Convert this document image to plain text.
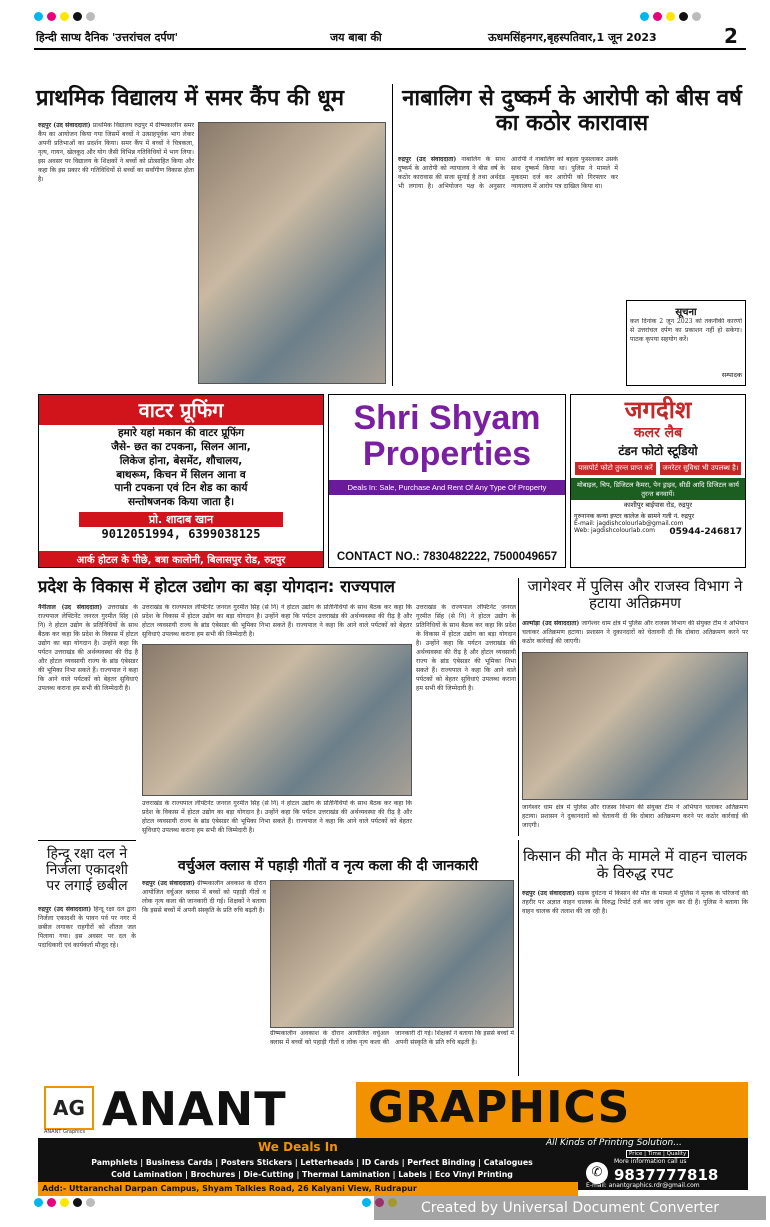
हिन्दी साप्ध दैनिक 'उत्तरांचल दर्पण'	जय बाबा की	ऊधमसिंहनगर,बृहस्पतिवार,1 जून 2023	2
प्राथमिक विद्यालय में समर कैंप की धूम
रुद्रपुर (उद संवाददाता) प्राथमिक विद्यालय रुद्रपुर में ग्रीष्मकालीन समर कैंप का आयोजन किया गया जिसमें बच्चों ने उत्साहपूर्वक भाग लेकर अपनी प्रतिभाओं का प्रदर्शन किया। समर कैंप में बच्चों ने चित्रकला, नृत्य, गायन, खेलकूद और योग जैसी विभिन्न गतिविधियों में भाग लिया। इस अवसर पर विद्यालय के शिक्षकों ने बच्चों को प्रोत्साहित किया और कहा कि इस प्रकार की गतिविधियों से बच्चों का सर्वांगीण विकास होता है।
नाबालिग से दुष्कर्म के आरोपी को बीस वर्ष का कठोर कारावास
रुद्रपुर (उद संवाददाता) नाबालिग के साथ दुष्कर्म के आरोपी को न्यायालय ने बीस वर्ष के कठोर कारावास की सजा सुनाई है तथा अर्थदंड भी लगाया है। अभियोजन पक्ष के अनुसार आरोपी ने नाबालिग को बहला फुसलाकर उसके साथ दुष्कर्म किया था। पुलिस ने मामले में मुकदमा दर्ज कर आरोपी को गिरफ्तार कर न्यायालय में आरोप पत्र दाखिल किया था।
सूचना
कल दिनांक 2 जून 2023 को तकनीकी कारणों से उत्तरांचल दर्पण का प्रकाशन नहीं हो सकेगा। पाठक कृपया सहयोग करें।
सम्पादक
वाटर प्रूफिंग
हमारे यहां मकान की वाटर प्रूफिंग
जैसे- छत का टपकना, सिलन आना,
लिकेज होना, बेसमेंट, शौचालय,
बाथरूम, किचन में सिलन आना व
पानी टपकना एवं टिन शेड का कार्य
सन्तोषजनक किया जाता है।
प्रो. शादाब खान
9012051994, 6399038125
आर्क होटल के पीछे, बत्रा कालोनी, बिलासपुर रोड, रुद्रपुर
Shri Shyam
Properties
Deals In: Sale, Purchase And Rent Of Any Type Of Property
CONTACT NO.: 7830482222, 7500049657
जगदीश
कलर लैब
टंडन फोटो स्टूडियो
पासपोर्ट फोटो तुरन्त प्राप्त करें	जनरेटर सुविधा भी उपलब्ध है।
मोबाइल, चिप, डिजिटल कैमरा, पेन ड्राइव, सीडी आदि डिजिटल कार्य तुरन्त बनवायें।
काशीपुर बाईपास रोड, रुद्रपुर
गुरुनानक कन्या इण्टर कालेज के सामने गली नं. रुद्रपुर
E-mail: jagdishcolourlab@gmail.com
Web: jagdishcolourlab.com 05944-246817
प्रदेश के विकास में होटल उद्योग का बड़ा योगदान: राज्यपाल
नैनीताल (उद संवाददाता) उत्तराखंड के राज्यपाल लेफ्टिनेंट जनरल गुरमीत सिंह (से नि) ने होटल उद्योग के प्रतिनिधियों के साथ बैठक कर कहा कि प्रदेश के विकास में होटल उद्योग का बड़ा योगदान है। उन्होंने कहा कि पर्यटन उत्तराखंड की अर्थव्यवस्था की रीढ़ है और होटल व्यवसायी राज्य के ब्रांड एंबेसडर की भूमिका निभा सकते हैं। राज्यपाल ने कहा कि आने वाले पर्यटकों को बेहतर सुविधाएं उपलब्ध कराना हम सभी की जिम्मेदारी है।
उत्तराखंड के राज्यपाल लेफ्टिनेंट जनरल गुरमीत सिंह (से नि) ने होटल उद्योग के प्रतिनिधियों के साथ बैठक कर कहा कि प्रदेश के विकास में होटल उद्योग का बड़ा योगदान है। उन्होंने कहा कि पर्यटन उत्तराखंड की अर्थव्यवस्था की रीढ़ है और होटल व्यवसायी राज्य के ब्रांड एंबेसडर की भूमिका निभा सकते हैं। राज्यपाल ने कहा कि आने वाले पर्यटकों को बेहतर सुविधाएं उपलब्ध कराना हम सभी की जिम्मेदारी है।
उत्तराखंड के राज्यपाल लेफ्टिनेंट जनरल गुरमीत सिंह (से नि) ने होटल उद्योग के प्रतिनिधियों के साथ बैठक कर कहा कि प्रदेश के विकास में होटल उद्योग का बड़ा योगदान है। उन्होंने कहा कि पर्यटन उत्तराखंड की अर्थव्यवस्था की रीढ़ है और होटल व्यवसायी राज्य के ब्रांड एंबेसडर की भूमिका निभा सकते हैं। राज्यपाल ने कहा कि आने वाले पर्यटकों को बेहतर सुविधाएं उपलब्ध कराना हम सभी की जिम्मेदारी है।
उत्तराखंड के राज्यपाल लेफ्टिनेंट जनरल गुरमीत सिंह (से नि) ने होटल उद्योग के प्रतिनिधियों के साथ बैठक कर कहा कि प्रदेश के विकास में होटल उद्योग का बड़ा योगदान है। उन्होंने कहा कि पर्यटन उत्तराखंड की अर्थव्यवस्था की रीढ़ है और होटल व्यवसायी राज्य के ब्रांड एंबेसडर की भूमिका निभा सकते हैं। राज्यपाल ने कहा कि आने वाले पर्यटकों को बेहतर सुविधाएं उपलब्ध कराना हम सभी की जिम्मेदारी है।
जागेश्वर में पुलिस और राजस्व विभाग ने हटाया अतिक्रमण
अल्मोड़ा (उद संवाददाता) जागेश्वर धाम क्षेत्र में पुलिस और राजस्व विभाग की संयुक्त टीम ने अभियान चलाकर अतिक्रमण हटाया। प्रशासन ने दुकानदारों को चेतावनी दी कि दोबारा अतिक्रमण करने पर कठोर कार्रवाई की जाएगी।
जागेश्वर धाम क्षेत्र में पुलिस और राजस्व विभाग की संयुक्त टीम ने अभियान चलाकर अतिक्रमण हटाया। प्रशासन ने दुकानदारों को चेतावनी दी कि दोबारा अतिक्रमण करने पर कठोर कार्रवाई की जाएगी।
हिन्दू रक्षा दल ने निर्जला एकादशी पर लगाई छबील
रुद्रपुर (उद संवाददाता) हिन्दू रक्षा दल द्वारा निर्जला एकादशी के पावन पर्व पर नगर में छबील लगाकर राहगीरों को शीतल जल पिलाया गया। इस अवसर पर दल के पदाधिकारी एवं कार्यकर्ता मौजूद रहे।
वर्चुअल क्लास में पहाड़ी गीतों व नृत्य कला की दी जानकारी
रुद्रपुर (उद संवाददाता) ग्रीष्मकालीन अवकाश के दौरान आयोजित वर्चुअल क्लास में बच्चों को पहाड़ी गीतों व लोक नृत्य कला की जानकारी दी गई। शिक्षकों ने बताया कि इससे बच्चों में अपनी संस्कृति के प्रति रुचि बढ़ती है।
ग्रीष्मकालीन अवकाश के दौरान आयोजित वर्चुअल क्लास में बच्चों को पहाड़ी गीतों व लोक नृत्य कला की जानकारी दी गई। शिक्षकों ने बताया कि इससे बच्चों में अपनी संस्कृति के प्रति रुचि बढ़ती है।
किसान की मौत के मामले में वाहन चालक के विरुद्ध रपट
रुद्रपुर (उद संवाददाता) सड़क दुर्घटना में किसान की मौत के मामले में पुलिस ने मृतक के परिजनों की तहरीर पर अज्ञात वाहन चालक के विरुद्ध रिपोर्ट दर्ज कर जांच शुरू कर दी है। पुलिस ने बताया कि वाहन चालक की तलाश की जा रही है।
AG
ANANT Graphics ANANT GRAPHICS
We Deals In	All Kinds of Printing Solution...
Price | Time | Quality
Pamphlets | Business Cards | Posters Stickers | Letterheads | ID Cards | Perfect Binding | Catalogues
Cold Lamination | Brochures | Die-Cutting | Thermal Lamination | Labels | Eco Vinyl Printing
Add:- Uttaranchal Darpan Campus, Shyam Talkies Road, 26 Kalyani View, Rudrapur
✆
More information call us
9837777818
E-mail: anantgraphics.rdr@gmail.com
Created by Universal Document Converter
